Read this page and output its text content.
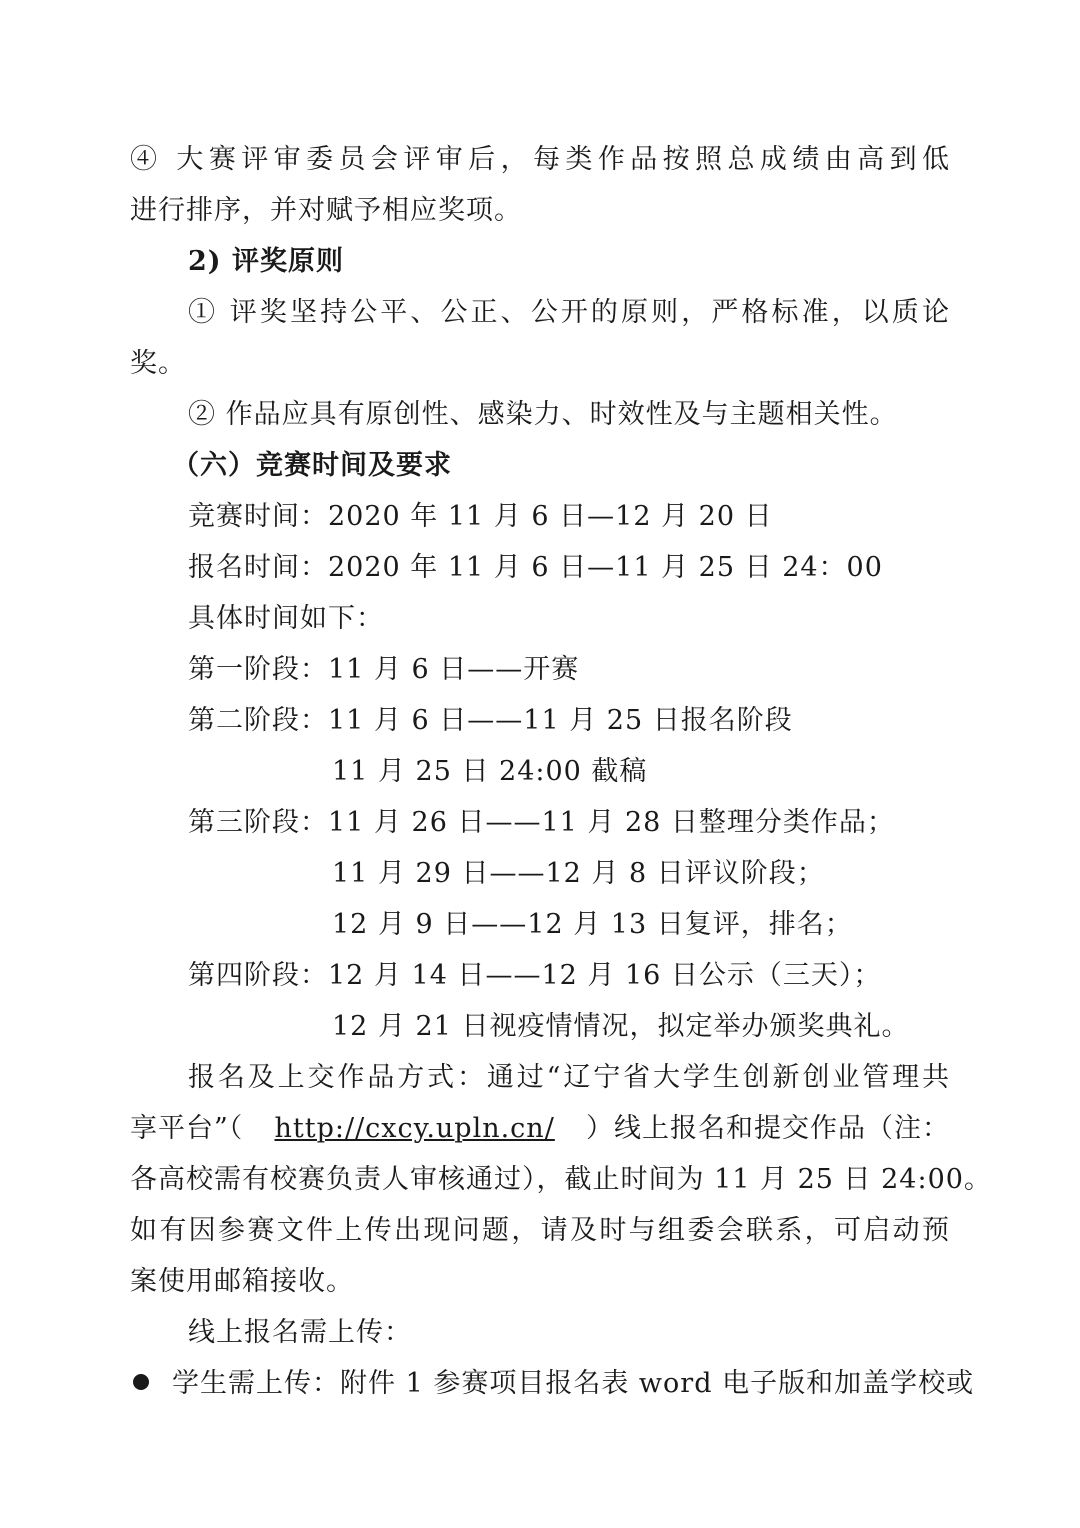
④ 大赛评审委员会评审后，每类作品按照总成绩由高到低
进行排序，并对赋予相应奖项。
2) 评奖原则
① 评奖坚持公平、公正、公开的原则，严格标准，以质论
奖。
② 作品应具有原创性、感染力、时效性及与主题相关性。
（六）竞赛时间及要求
竞赛时间：2020 年 11 月 6 日—12 月 20 日
报名时间：2020 年 11 月 6 日—11 月 25 日 24：00
具体时间如下：
第一阶段：11 月 6 日——开赛
第二阶段：11 月 6 日——11 月 25 日报名阶段
11 月 25 日 24:00 截稿
第三阶段：11 月 26 日——11 月 28 日整理分类作品；
11 月 29 日——12 月 8 日评议阶段；
12 月 9 日——12 月 13 日复评，排名；
第四阶段：12 月 14 日——12 月 16 日公示（三天）；
12 月 21 日视疫情情况，拟定举办颁奖典礼。
报名及上交作品方式：通过“辽宁省大学生创新创业管理共
享平台”（ http://cxcy.upln.cn/ ）线上报名和提交作品（注：
各高校需有校赛负责人审核通过），截止时间为 11 月 25 日 24:00。
如有因参赛文件上传出现问题，请及时与组委会联系，可启动预
案使用邮箱接收。
线上报名需上传：
学生需上传：附件 1 参赛项目报名表 word 电子版和加盖学校或
